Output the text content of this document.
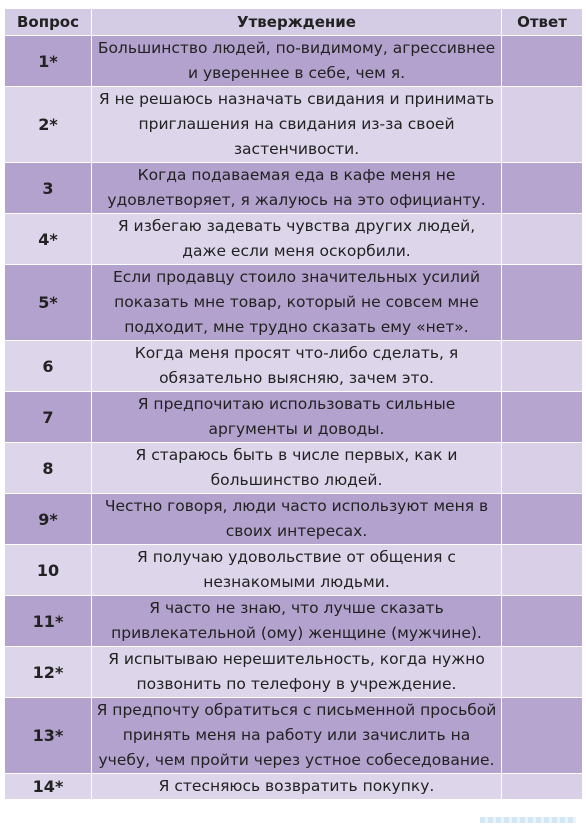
Вопрос	Утверждение	Ответ
1*	Большинство людей, по-видимому, агрессивнее и увереннее в себе, чем я.	
2*	Я не решаюсь назначать свидания и принимать приглашения на свидания из-за своей застенчивости.	
3	Когда подаваемая еда в кафе меня не удовлетворяет, я жалуюсь на это официанту.	
4*	Я избегаю задевать чувства других людей, даже если меня оскорбили.	
5*	Если продавцу стоило значительных усилий показать мне товар, который не совсем мне подходит, мне трудно сказать ему «нет».	
6	Когда меня просят что-либо сделать, я обязательно выясняю, зачем это.	
7	Я предпочитаю использовать сильные аргументы и доводы.	
8	Я стараюсь быть в числе первых, как и большинство людей.	
9*	Честно говоря, люди часто используют меня в своих интересах.	
10	Я получаю удовольствие от общения с незнакомыми людьми.	
11*	Я часто не знаю, что лучше сказать привлекательной (ому) женщине (мужчине).	
12*	Я испытываю нерешительность, когда нужно позвонить по телефону в учреждение.	
13*	Я предпочту обратиться с письменной просьбой принять меня на работу или зачислить на учебу, чем пройти через устное собеседование.	
14*	Я стесняюсь возвратить покупку.	
